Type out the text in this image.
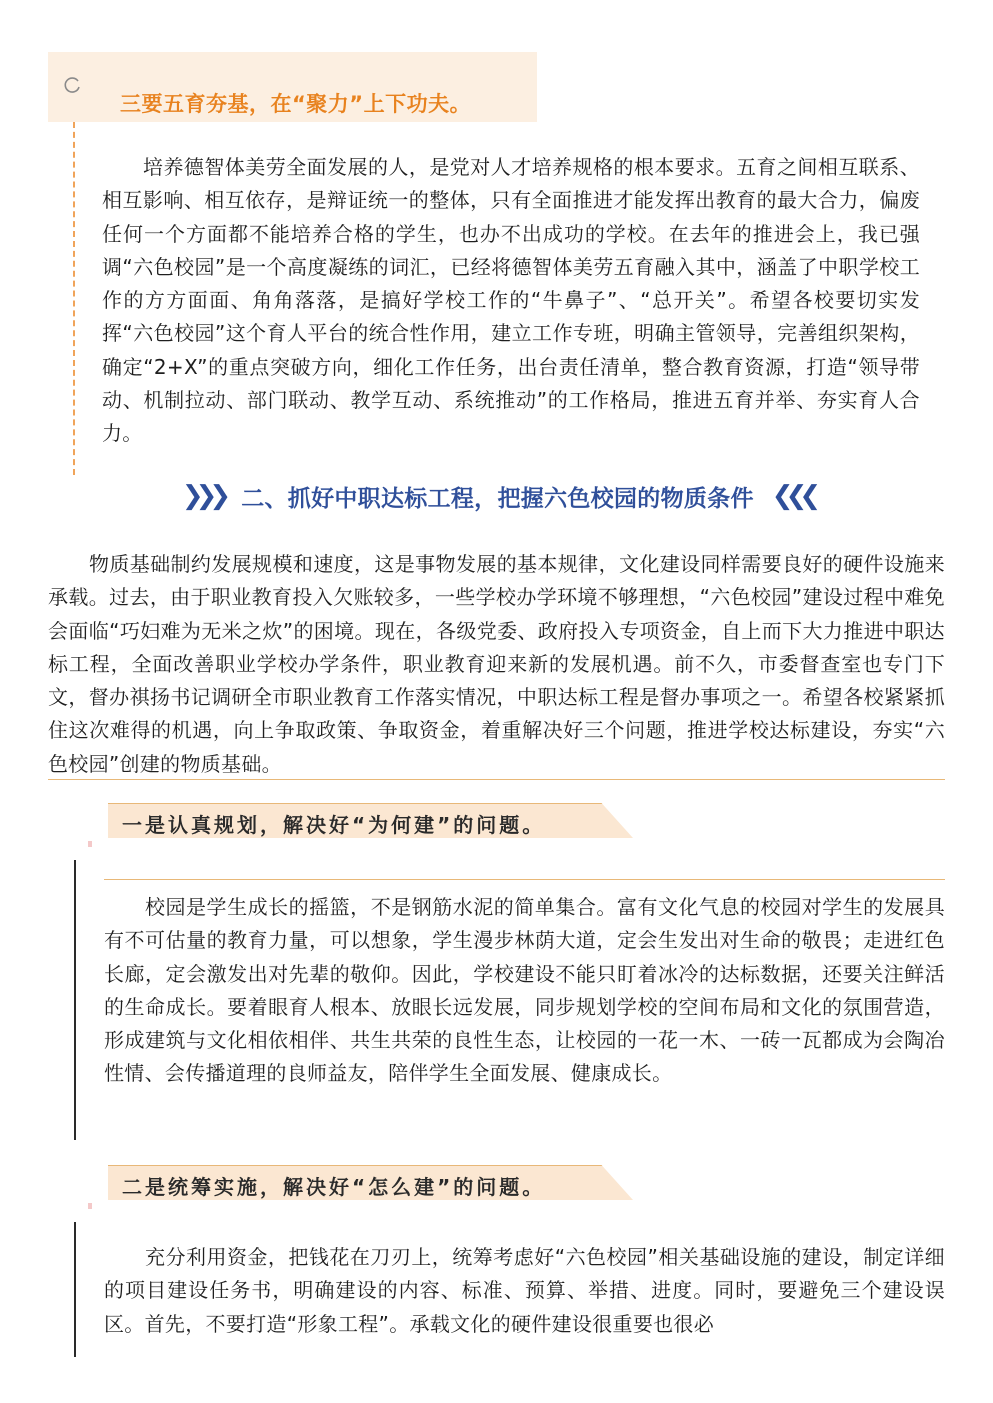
三要五育夯基，在“聚力”上下功夫。

培养德智体美劳全面发展的人，是党对人才培养规格的根本要求。五育之间相互联系、相互影响、相互依存，是辩证统一的整体，只有全面推进才能发挥出教育的最大合力，偏废任何一个方面都不能培养合格的学生，也办不出成功的学校。在去年的推进会上，我已强调“六色校园”是一个高度凝练的词汇，已经将德智体美劳五育融入其中，涵盖了中职学校工作的方方面面、角角落落，是搞好学校工作的“牛鼻子”、“总开关”。希望各校要切实发挥“六色校园”这个育人平台的统合性作用，建立工作专班，明确主管领导，完善组织架构，确定“2+X”的重点突破方向，细化工作任务，出台责任清单，整合教育资源，打造“领导带动、机制拉动、部门联动、教学互动、系统推动”的工作格局，推进五育并举、夯实育人合力。

❯❯❯ 二、抓好中职达标工程，把握六色校园的物质条件 ❮❮❮

物质基础制约发展规模和速度，这是事物发展的基本规律，文化建设同样需要良好的硬件设施来承载。过去，由于职业教育投入欠账较多，一些学校办学环境不够理想，“六色校园”建设过程中难免会面临“巧妇难为无米之炊”的困境。现在，各级党委、政府投入专项资金，自上而下大力推进中职达标工程，全面改善职业学校办学条件，职业教育迎来新的发展机遇。前不久，市委督查室也专门下文，督办祺扬书记调研全市职业教育工作落实情况，中职达标工程是督办事项之一。希望各校紧紧抓住这次难得的机遇，向上争取政策、争取资金，着重解决好三个问题，推进学校达标建设，夯实“六色校园”创建的物质基础。

一是认真规划，解决好“为何建”的问题。

校园是学生成长的摇篮，不是钢筋水泥的简单集合。富有文化气息的校园对学生的发展具有不可估量的教育力量，可以想象，学生漫步林荫大道，定会生发出对生命的敬畏；走进红色长廊，定会激发出对先辈的敬仰。因此，学校建设不能只盯着冰冷的达标数据，还要关注鲜活的生命成长。要着眼育人根本、放眼长远发展，同步规划学校的空间布局和文化的氛围营造，形成建筑与文化相依相伴、共生共荣的良性生态，让校园的一花一木、一砖一瓦都成为会陶冶性情、会传播道理的良师益友，陪伴学生全面发展、健康成长。

二是统筹实施，解决好“怎么建”的问题。

充分利用资金，把钱花在刀刃上，统筹考虑好“六色校园”相关基础设施的建设，制定详细的项目建设任务书，明确建设的内容、标准、预算、举措、进度。同时，要避免三个建设误区。首先，不要打造“形象工程”。承载文化的硬件建设很重要也很必
